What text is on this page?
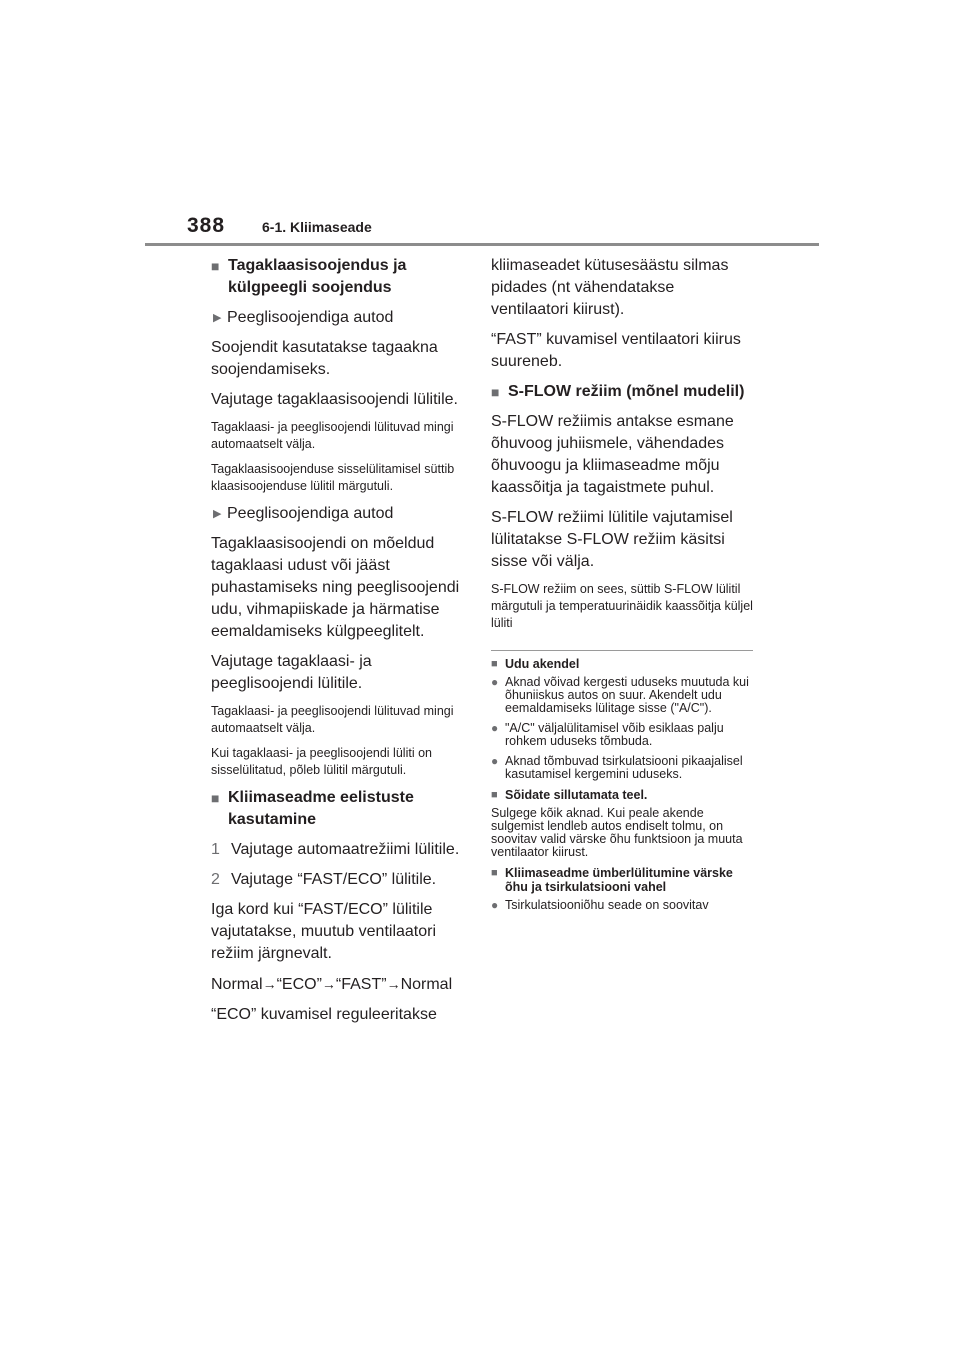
388	6-1. Kliimaseade
■ Tagaklaasisoojendus ja külgpeegli soojendus
▶ Peeglisoojendiga autod

Soojendit kasutatakse tagaakna soojendamiseks.

Vajutage tagaklaasisoojendi lülitile.

Tagaklaasi- ja peeglisoojendi lülituvad mingi automaatselt välja.

Tagaklaasisoojenduse sisselülitamisel süttib klaasisoojenduse lülitil märgutuli.

▶ Peeglisoojendiga autod

Tagaklaasisoojendi on mõeldud tagaklaasi udust või jääst puhastamiseks ning peeglisoojendi udu, vihmapiiskade ja härmatise eemaldamiseks külgpeeglitelt.

Vajutage tagaklaasi- ja peeglisoojendi lülitile.

Tagaklaasi- ja peeglisoojendi lülituvad mingi automaatselt välja.

Kui tagaklaasi- ja peeglisoojendi lüliti on sisselülitatud, põleb lülitil märgutuli.

■ Kliimaseadme eelistuste kasutamine
1 Vajutage automaatrežiimi lülitile.
2 Vajutage “FAST/ECO” lülitile.

Iga kord kui “FAST/ECO” lülitile vajutatakse, muutub ventilaatori režiim järgnevalt.

Normal→“ECO”→“FAST”→Normal

“ECO” kuvamisel reguleeritakse

kliimaseadet kütusesäästu silmas pidades (nt vähendatakse ventilaatori kiirust).

“FAST” kuvamisel ventilaatori kiirus suureneb.

■ S-FLOW režiim (mõnel mudelil)

S-FLOW režiimis antakse esmane õhuvoog juhiismele, vähendades õhuvoogu ja kliimaseadme mõju kaassõitja ja tagaistmete puhul.

S-FLOW režiimi lülitile vajutamisel lülitatakse S-FLOW režiim käsitsi sisse või välja.

S-FLOW režiim on sees, süttib S-FLOW lülitil märgutuli ja temperatuurinäidik kaassõitja küljel lüliti

■ Udu akendel
● Aknad võivad kergesti uduseks muutuda kui õhuniiskus autos on suur. Akendelt udu eemaldamiseks lülitage sisse ("A/C").
● "A/C" väljalülitamisel võib esiklaas palju rohkem uduseks tõmbuda.
● Aknad tõmbuvad tsirkulatsiooni pikaajalisel kasutamisel kergemini uduseks.
■ Sõidate sillutamata teel.

Sulgege kõik aknad. Kui peale akende sulgemist lendleb autos endiselt tolmu, on soovitav valid värske õhu funktsioon ja muuta ventilaator kiirust.

■ Kliimaseadme ümberlülitumine värske õhu ja tsirkulatsiooni vahel
● Tsirkulatsiooniõhu seade on soovitav
